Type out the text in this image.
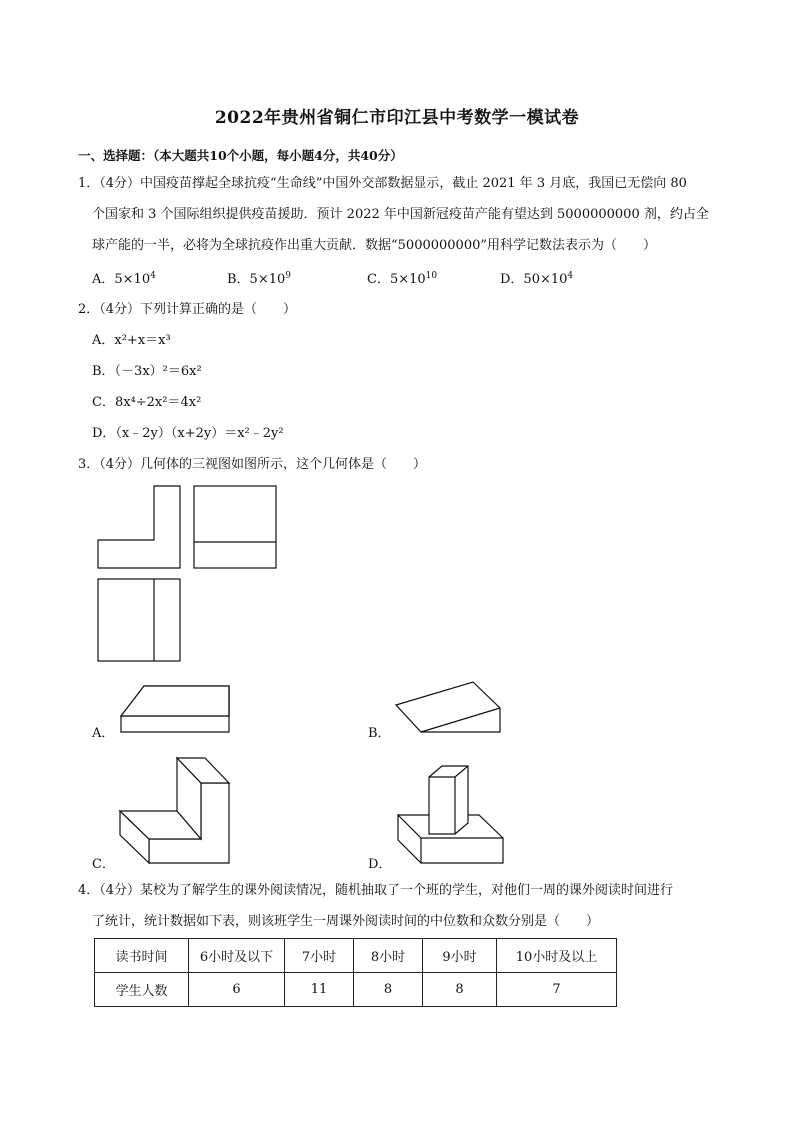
2022年贵州省铜仁市印江县中考数学一模试卷
一、选择题：（本大题共10个小题，每小题4分，共40分）
1．（4分）中国疫苗撑起全球抗疫“生命线”中国外交部数据显示，截止 2021 年 3 月底，我国已无偿向 80
个国家和 3 个国际组织提供疫苗援助．预计 2022 年中国新冠疫苗产能有望达到 5000000000 剂，约占全
球产能的一半，必将为全球抗疫作出重大贡献．数据“5000000000”用科学记数法表示为（　　）
A．$5\times 10^4$	B．$5\times 10^9$	C．$5\times 10^{10}$	D．$50\times 10^4$
2．（4分）下列计算正确的是（　　）
A．x²+x＝x³
B．（－3x）²＝6x²
C．8x⁴÷2x²＝4x²
D．（x﹣2y）（x+2y）＝x²﹣2y²
3．（4分）几何体的三视图如图所示，这个几何体是（　　）
A．	B．
C．	D．
4．（4分）某校为了解学生的课外阅读情况，随机抽取了一个班的学生，对他们一周的课外阅读时间进行
了统计，统计数据如下表，则该班学生一周课外阅读时间的中位数和众数分别是（　　）
读书时间	6小时及以下	7小时	8小时	9小时	10小时及以上
学生人数	6	11	8	8	7
